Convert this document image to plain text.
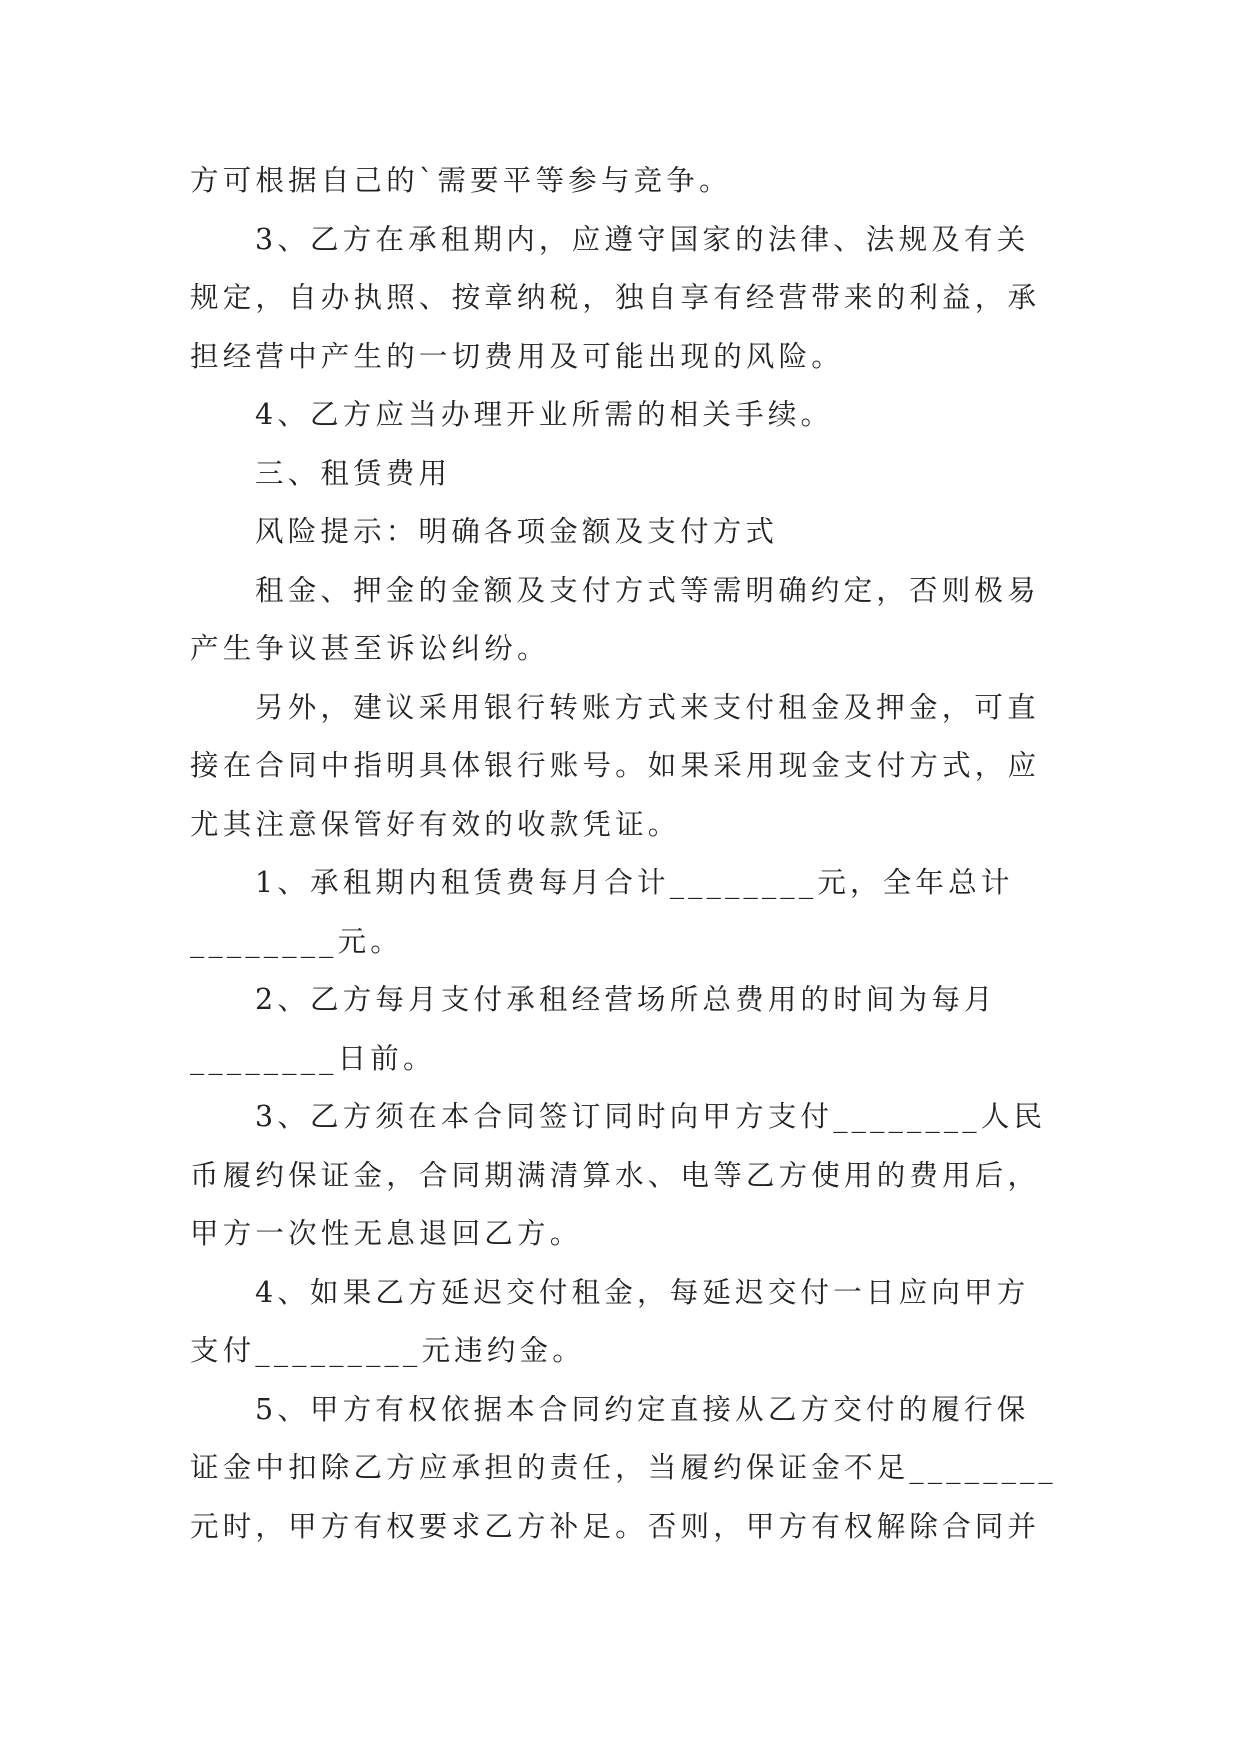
方可根据自己的`需要平等参与竞争。
3、乙方在承租期内，应遵守国家的法律、法规及有关
规定，自办执照、按章纳税，独自享有经营带来的利益，承
担经营中产生的一切费用及可能出现的风险。
4、乙方应当办理开业所需的相关手续。
三、租赁费用
风险提示：明确各项金额及支付方式
租金、押金的金额及支付方式等需明确约定，否则极易
产生争议甚至诉讼纠纷。
另外，建议采用银行转账方式来支付租金及押金，可直
接在合同中指明具体银行账号。如果采用现金支付方式，应
尤其注意保管好有效的收款凭证。
1、承租期内租赁费每月合计________元，全年总计
________元。
2、乙方每月支付承租经营场所总费用的时间为每月
________日前。
3、乙方须在本合同签订同时向甲方支付________人民
币履约保证金，合同期满清算水、电等乙方使用的费用后，
甲方一次性无息退回乙方。
4、如果乙方延迟交付租金，每延迟交付一日应向甲方
支付_________元违约金。
5、甲方有权依据本合同约定直接从乙方交付的履行保
证金中扣除乙方应承担的责任，当履约保证金不足________
元时，甲方有权要求乙方补足。否则，甲方有权解除合同并
